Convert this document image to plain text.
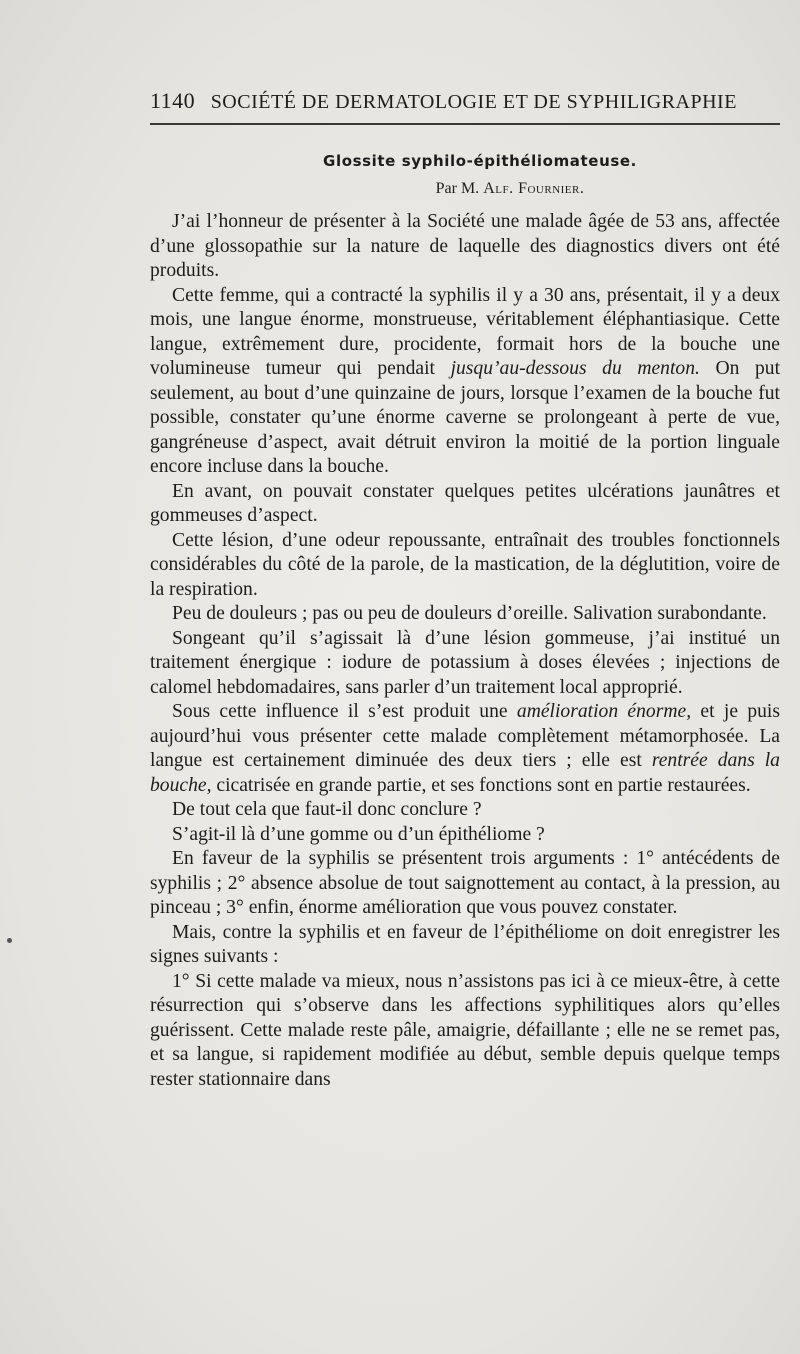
1140 SOCIÉTÉ DE DERMATOLOGIE ET DE SYPHILIGRAPHIE
Glossite syphilo-épithéliomateuse.
Par M. Alf. Fournier.

J’ai l’honneur de présenter à la Société une malade âgée de 53 ans, affectée d’une glossopathie sur la nature de laquelle des diagnostics divers ont été produits.

Cette femme, qui a contracté la syphilis il y a 30 ans, présentait, il y a deux mois, une langue énorme, monstrueuse, véritablement éléphantiasique. Cette langue, extrêmement dure, procidente, formait hors de la bouche une volumineuse tumeur qui pendait jusqu’au-dessous du menton. On put seulement, au bout d’une quinzaine de jours, lorsque l’examen de la bouche fut possible, constater qu’une énorme caverne se prolongeant à perte de vue, gangréneuse d’aspect, avait détruit environ la moitié de la portion linguale encore incluse dans la bouche.

En avant, on pouvait constater quelques petites ulcérations jaunâtres et gommeuses d’aspect.

Cette lésion, d’une odeur repoussante, entraînait des troubles fonctionnels considérables du côté de la parole, de la mastication, de la déglutition, voire de la respiration.

Peu de douleurs ; pas ou peu de douleurs d’oreille. Salivation surabondante.

Songeant qu’il s’agissait là d’une lésion gommeuse, j’ai institué un traitement énergique : iodure de potassium à doses élevées ; injections de calomel hebdomadaires, sans parler d’un traitement local approprié.

Sous cette influence il s’est produit une amélioration énorme, et je puis aujourd’hui vous présenter cette malade complètement métamorphosée. La langue est certainement diminuée des deux tiers ; elle est rentrée dans la bouche, cicatrisée en grande partie, et ses fonctions sont en partie restaurées.

De tout cela que faut-il donc conclure ?

S’agit-il là d’une gomme ou d’un épithéliome ?

En faveur de la syphilis se présentent trois arguments : 1° antécédents de syphilis ; 2° absence absolue de tout saignottement au contact, à la pression, au pinceau ; 3° enfin, énorme amélioration que vous pouvez constater.

Mais, contre la syphilis et en faveur de l’épithéliome on doit enregistrer les signes suivants :

1° Si cette malade va mieux, nous n’assistons pas ici à ce mieux-être, à cette résurrection qui s’observe dans les affections syphilitiques alors qu’elles guérissent. Cette malade reste pâle, amaigrie, défaillante ; elle ne se remet pas, et sa langue, si rapidement modifiée au début, semble depuis quelque temps rester stationnaire dans
